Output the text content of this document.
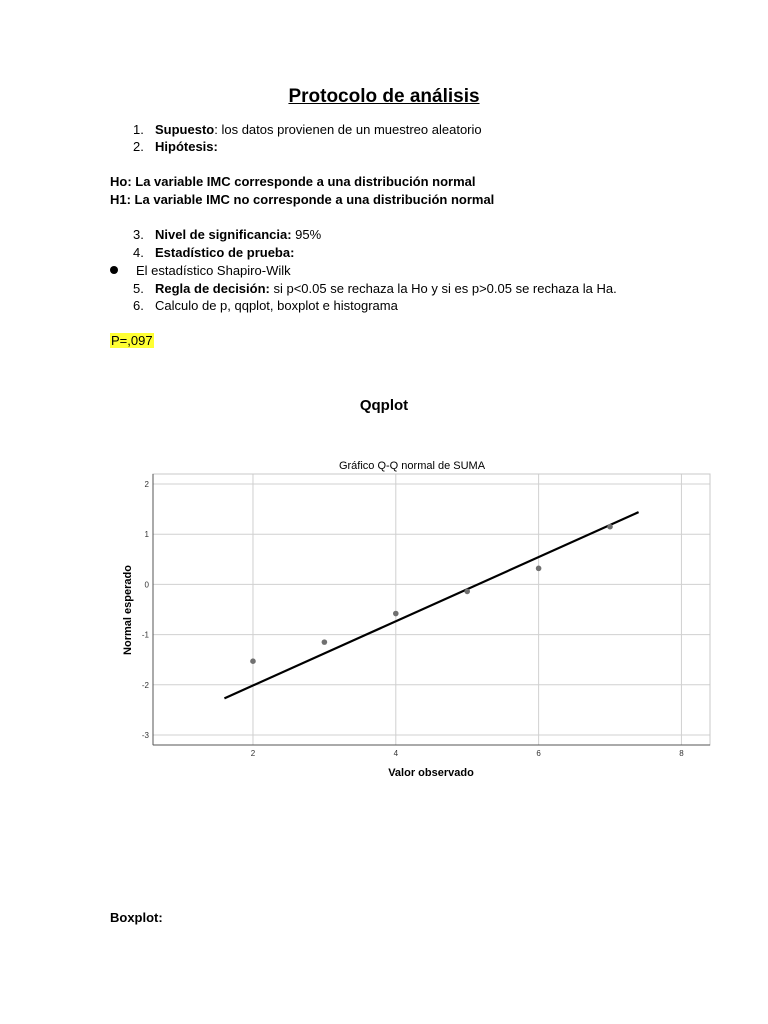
Protocolo de análisis
1. Supuesto: los datos provienen de un muestreo aleatorio
2. Hipótesis:
Ho: La variable IMC corresponde a una distribución normal
H1: La variable IMC no corresponde a una distribución normal
3. Nivel de significancia: 95%
4. Estadístico de prueba:
El estadístico Shapiro-Wilk
5. Regla de decisión: si p<0.05 se rechaza la Ho y si es p>0.05 se rechaza la Ha.
6. Calculo de p, qqplot, boxplot e histograma
P=,097
Qqplot
Gráfico Q-Q normal de SUMA
2	4	6	8
2
1
0
-1
-2
-3
Valor observado
Normal esperado
Boxplot:
